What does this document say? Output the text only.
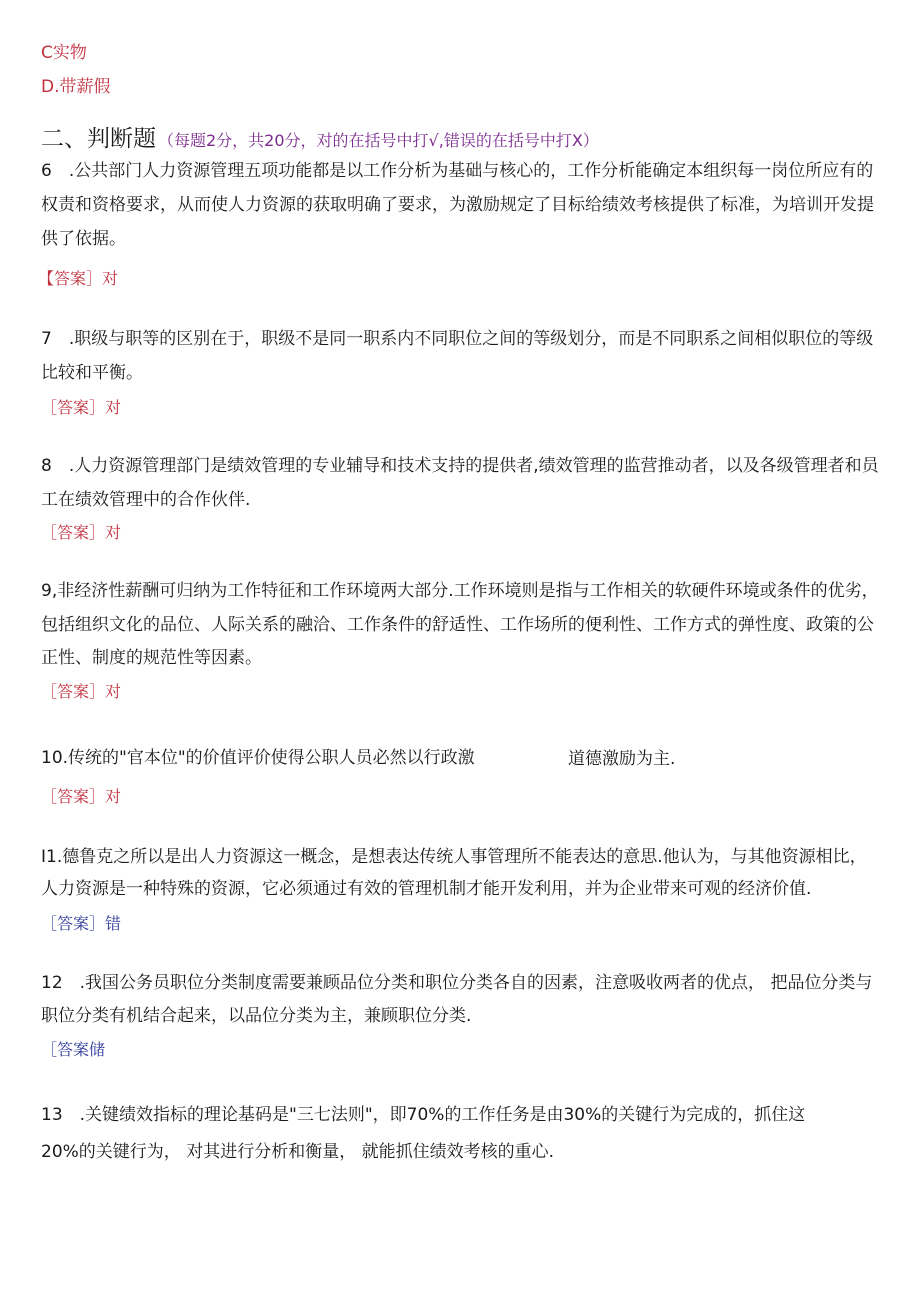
C实物
D.带薪假
二、判断题 （每题2分，共20分，对的在括号中打√,错误的在括号中打X）
6　.公共部门人力资源管理五项功能都是以工作分析为基础与核心的，工作分析能确定本组织每一岗位所应有的
权责和资格要求，从而使人力资源的获取明确了要求，为激励规定了目标给绩效考核提供了标准，为培训开发提
供了依据。
【答案］对
7　.职级与职等的区别在于，职级不是同一职系内不同职位之间的等级划分，而是不同职系之间相似职位的等级
比较和平衡。
［答案］对
8　.人力资源管理部门是绩效管理的专业辅导和技术支持的提供者,绩效管理的监营推动者，以及各级管理者和员
工在绩效管理中的合作伙伴.
［答案］对
9,非经济性薪酬可归纳为工作特征和工作环境两大部分.工作环境则是指与工作相关的软硬件环境或条件的优劣，
包括组织文化的品位、人际关系的融洽、工作条件的舒适性、工作场所的便利性、工作方式的弹性度、政策的公
正性、制度的规范性等因素。
［答案］对
10.传统的"官本位"的价值评价使得公职人员必然以行政激	道德激励为主.
［答案］对
I1.德鲁克之所以是出人力资源这一概念，是想表达传统人事管理所不能表达的意思.他认为，与其他资源相比，
人力资源是一种特殊的资源，它必须通过有效的管理机制才能开发利用，并为企业带来可观的经济价值.
［答案］错
12　.我国公务员职位分类制度需要兼顾品位分类和职位分类各自的因素，注意吸收两者的优点， 把品位分类与
职位分类有机结合起来，以品位分类为主，兼顾职位分类.
［答案储
13　.关键绩效指标的理论基码是"三七法则"，即70%的工作任务是由30%的关键行为完成的，抓住这
20%的关键行为， 对其进行分析和衡量， 就能抓住绩效考核的重心.
